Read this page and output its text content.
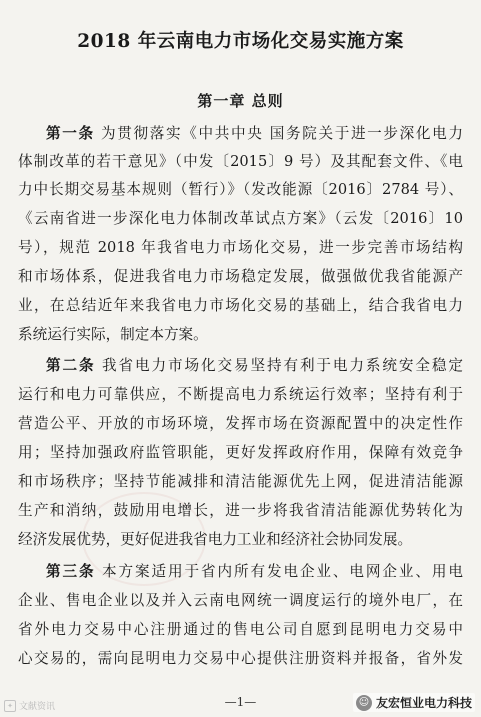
2018 年云南电力市场化交易实施方案
第一章 总则
第一条 为贯彻落实《中共中央 国务院关于进一步深化电力
体制改革的若干意见》（中发〔2015〕9 号）及其配套文件、《电
力中长期交易基本规则（暂行）》（发改能源〔2016〕2784 号）、
《云南省进一步深化电力体制改革试点方案》（云发〔2016〕10
号），规范 2018 年我省电力市场化交易，进一步完善市场结构
和市场体系，促进我省电力市场稳定发展，做强做优我省能源产
业，在总结近年来我省电力市场化交易的基础上，结合我省电力
系统运行实际，制定本方案。
第二条 我省电力市场化交易坚持有利于电力系统安全稳定
运行和电力可靠供应，不断提高电力系统运行效率；坚持有利于
营造公平、开放的市场环境，发挥市场在资源配置中的决定性作
用；坚持加强政府监管职能，更好发挥政府作用，保障有效竞争
和市场秩序；坚持节能减排和清洁能源优先上网，促进清洁能源
生产和消纳，鼓励用电增长，进一步将我省清洁能源优势转化为
经济发展优势，更好促进我省电力工业和经济社会协同发展。
第三条 本方案适用于省内所有发电企业、电网企业、用电
企业、售电企业以及并入云南电网统一调度运行的境外电厂，在
省外电力交易中心注册通过的售电公司自愿到昆明电力交易中
心交易的，需向昆明电力交易中心提供注册资料并报备，省外发
—1—
✦ 文献资讯	☺ 友宏恒业电力科技
